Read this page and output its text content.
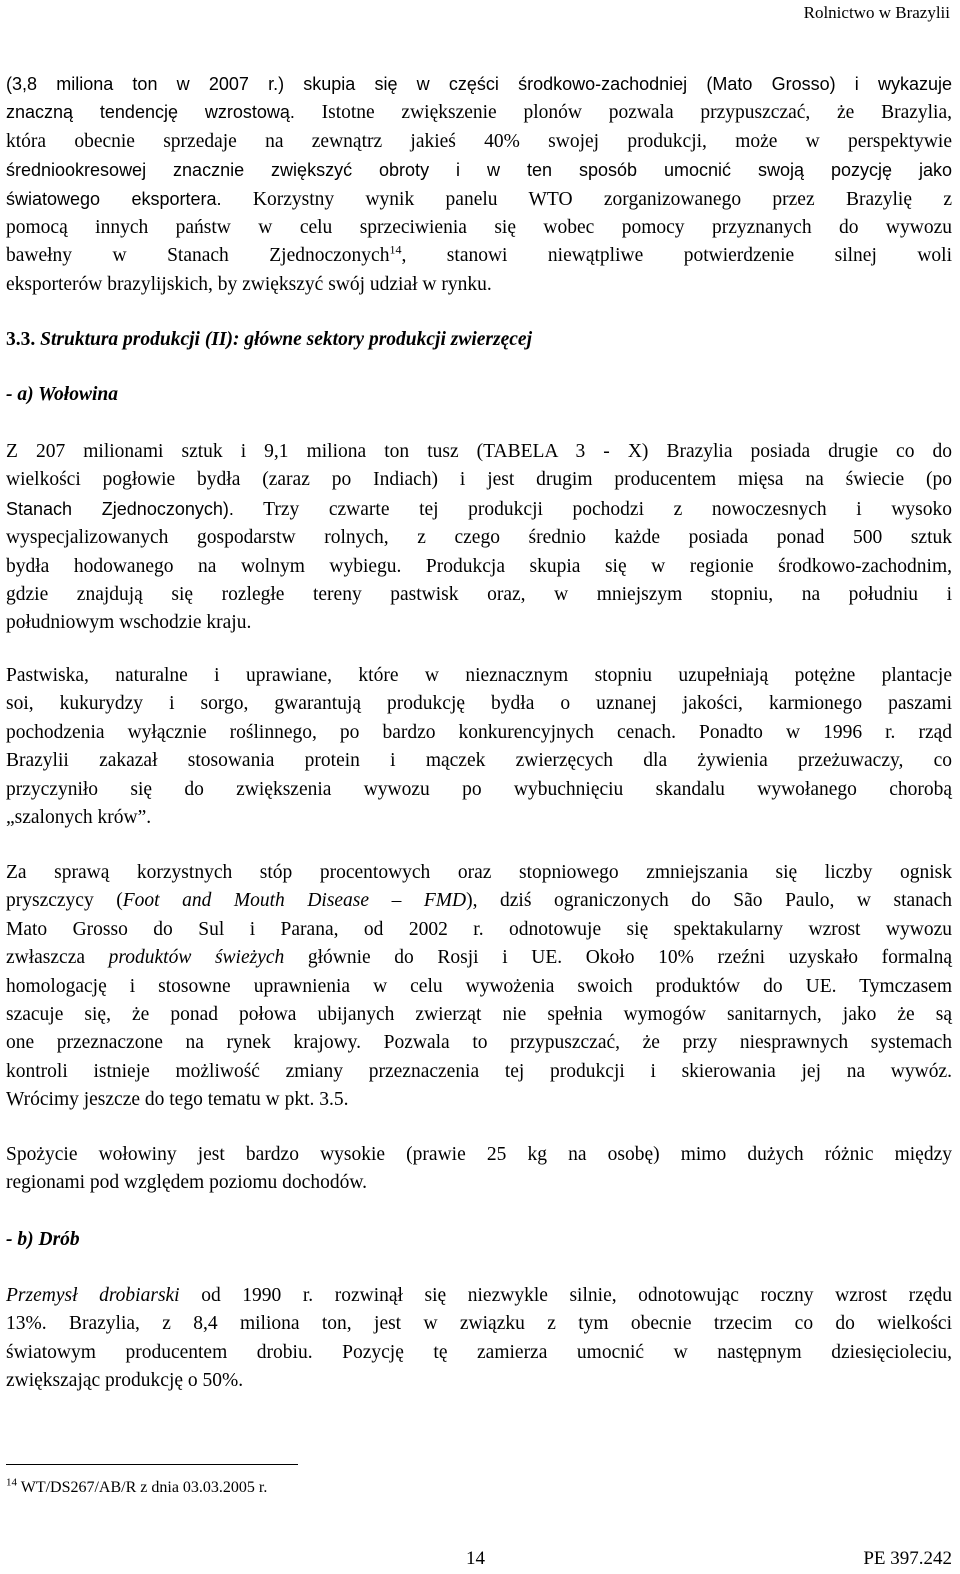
Rolnictwo w Brazylii
(3,8 miliona ton w 2007 r.) skupia się w części środkowo-zachodniej (Mato Grosso) i wykazuje
znaczną tendencję wzrostową. Istotne zwiększenie plonów pozwala przypuszczać, że Brazylia,
która obecnie sprzedaje na zewnątrz jakieś 40% swojej produkcji, może w perspektywie
średniookresowej znacznie zwiększyć obroty i w ten sposób umocnić swoją pozycję jako
światowego eksportera. Korzystny wynik panelu WTO zorganizowanego przez Brazylię z
pomocą innych państw w celu sprzeciwienia się wobec pomocy przyznanych do wywozu
bawełny w Stanach Zjednoczonych$^{14}$, stanowi niewątpliwe potwierdzenie silnej woli
eksporterów brazylijskich, by zwiększyć swój udział w rynku.
3.3. Struktura produkcji (II): główne sektory produkcji zwierzęcej
- a) Wołowina
Z 207 milionami sztuk i 9,1 miliona ton tusz (TABELA 3 - X) Brazylia posiada drugie co do
wielkości pogłowie bydła (zaraz po Indiach) i jest drugim producentem mięsa na świecie (po
Stanach Zjednoczonych). Trzy czwarte tej produkcji pochodzi z nowoczesnych i wysoko
wyspecjalizowanych gospodarstw rolnych, z czego średnio każde posiada ponad 500 sztuk
bydła hodowanego na wolnym wybiegu. Produkcja skupia się w regionie środkowo-zachodnim,
gdzie znajdują się rozległe tereny pastwisk oraz, w mniejszym stopniu, na południu i
południowym wschodzie kraju.
Pastwiska, naturalne i uprawiane, które w nieznacznym stopniu uzupełniają potężne plantacje
soi, kukurydzy i sorgo, gwarantują produkcję bydła o uznanej jakości, karmionego paszami
pochodzenia wyłącznie roślinnego, po bardzo konkurencyjnych cenach. Ponadto w 1996 r. rząd
Brazylii zakazał stosowania protein i mączek zwierzęcych dla żywienia przeżuwaczy, co
przyczyniło się do zwiększenia wywozu po wybuchnięciu skandalu wywołanego chorobą
„szalonych krów”.
Za sprawą korzystnych stóp procentowych oraz stopniowego zmniejszania się liczby ognisk
pryszczycy (Foot and Mouth Disease – FMD), dziś ograniczonych do São Paulo, w stanach
Mato Grosso do Sul i Parana, od 2002 r. odnotowuje się spektakularny wzrost wywozu
zwłaszcza produktów świeżych głównie do Rosji i UE. Około 10% rzeźni uzyskało formalną
homologację i stosowne uprawnienia w celu wywożenia swoich produktów do UE. Tymczasem
szacuje się, że ponad połowa ubijanych zwierząt nie spełnia wymogów sanitarnych, jako że są
one przeznaczone na rynek krajowy. Pozwala to przypuszczać, że przy niesprawnych systemach
kontroli istnieje możliwość zmiany przeznaczenia tej produkcji i skierowania jej na wywóz.
Wrócimy jeszcze do tego tematu w pkt. 3.5.
Spożycie wołowiny jest bardzo wysokie (prawie 25 kg na osobę) mimo dużych różnic między
regionami pod względem poziomu dochodów.
- b) Drób
Przemysł drobiarski od 1990 r. rozwinął się niezwykle silnie, odnotowując roczny wzrost rzędu
13%. Brazylia, z 8,4 miliona ton, jest w związku z tym obecnie trzecim co do wielkości
światowym producentem drobiu. Pozycję tę zamierza umocnić w następnym dziesięcioleciu,
zwiększając produkcję o 50%.
$^{14}$ WT/DS267/AB/R z dnia 03.03.2005 r.
14	PE 397.242
